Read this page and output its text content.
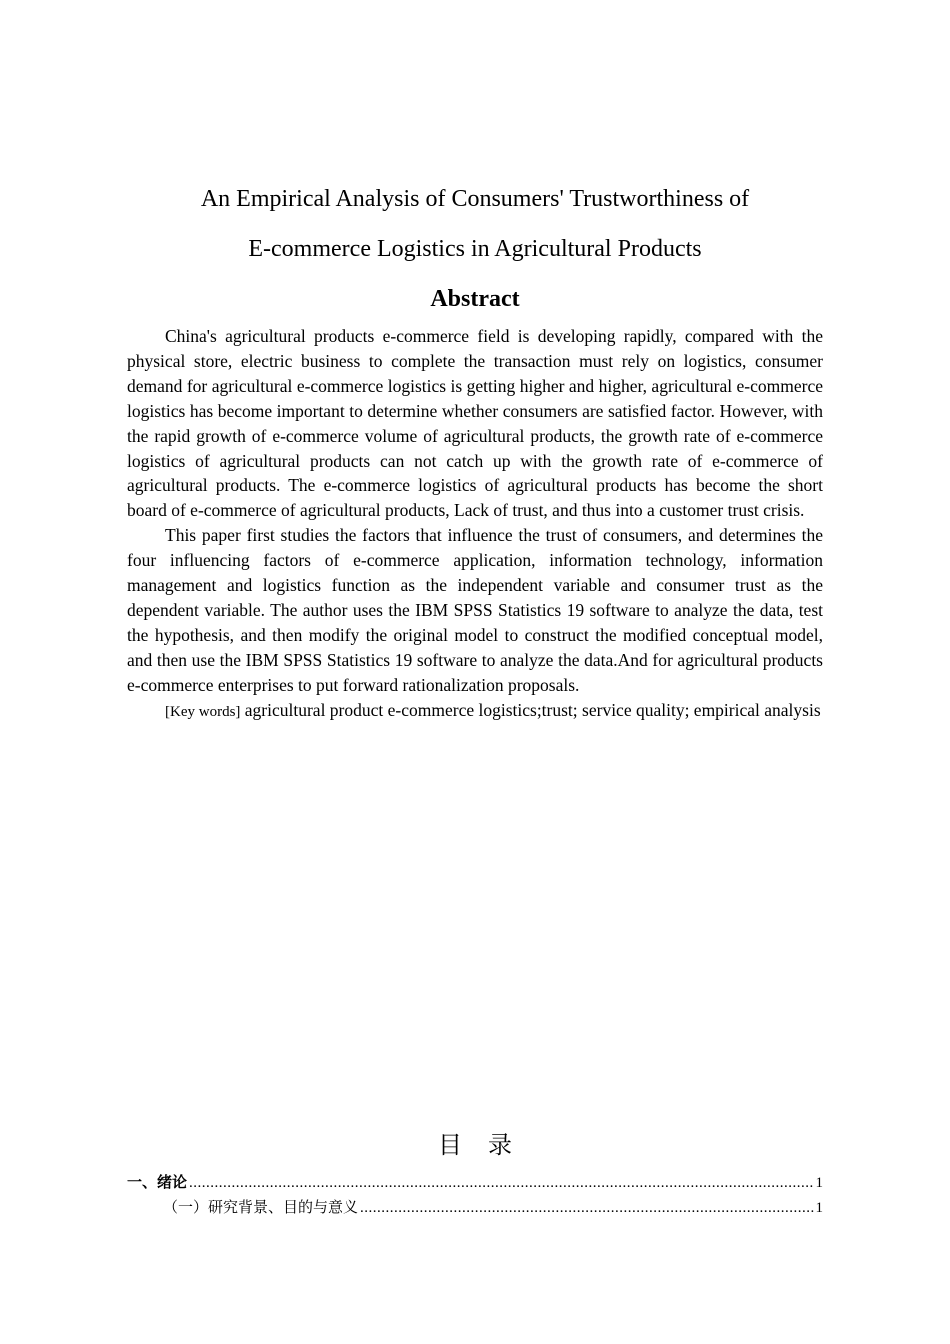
An Empirical Analysis of Consumers' Trustworthiness of
E-commerce Logistics in Agricultural Products
Abstract

China's agricultural products e-commerce field is developing rapidly, compared with the physical store, electric business to complete the transaction must rely on logistics, consumer demand for agricultural e-commerce logistics is getting higher and higher, agricultural e-commerce logistics has become important to determine whether consumers are satisfied factor. However, with the rapid growth of e-commerce volume of agricultural products, the growth rate of e-commerce logistics of agricultural products can not catch up with the growth rate of e-commerce of agricultural products. The e-commerce logistics of agricultural products has become the short board of e-commerce of agricultural products, Lack of trust, and thus into a customer trust crisis.

This paper first studies the factors that influence the trust of consumers, and determines the four influencing factors of e-commerce application, information technology, information management and logistics function as the independent variable and consumer trust as the dependent variable. The author uses the IBM SPSS Statistics 19 software to analyze the data, test the hypothesis, and then modify the original model to construct the modified conceptual model, and then use the IBM SPSS Statistics 19 software to analyze the data.And for agricultural products e-commerce enterprises to put forward rationalization proposals.

[Key words] agricultural product e-commerce logistics;trust; service quality; empirical analysis

目录
一、绪论 .....	1
（一）研究背景、目的与意义 .....	1
